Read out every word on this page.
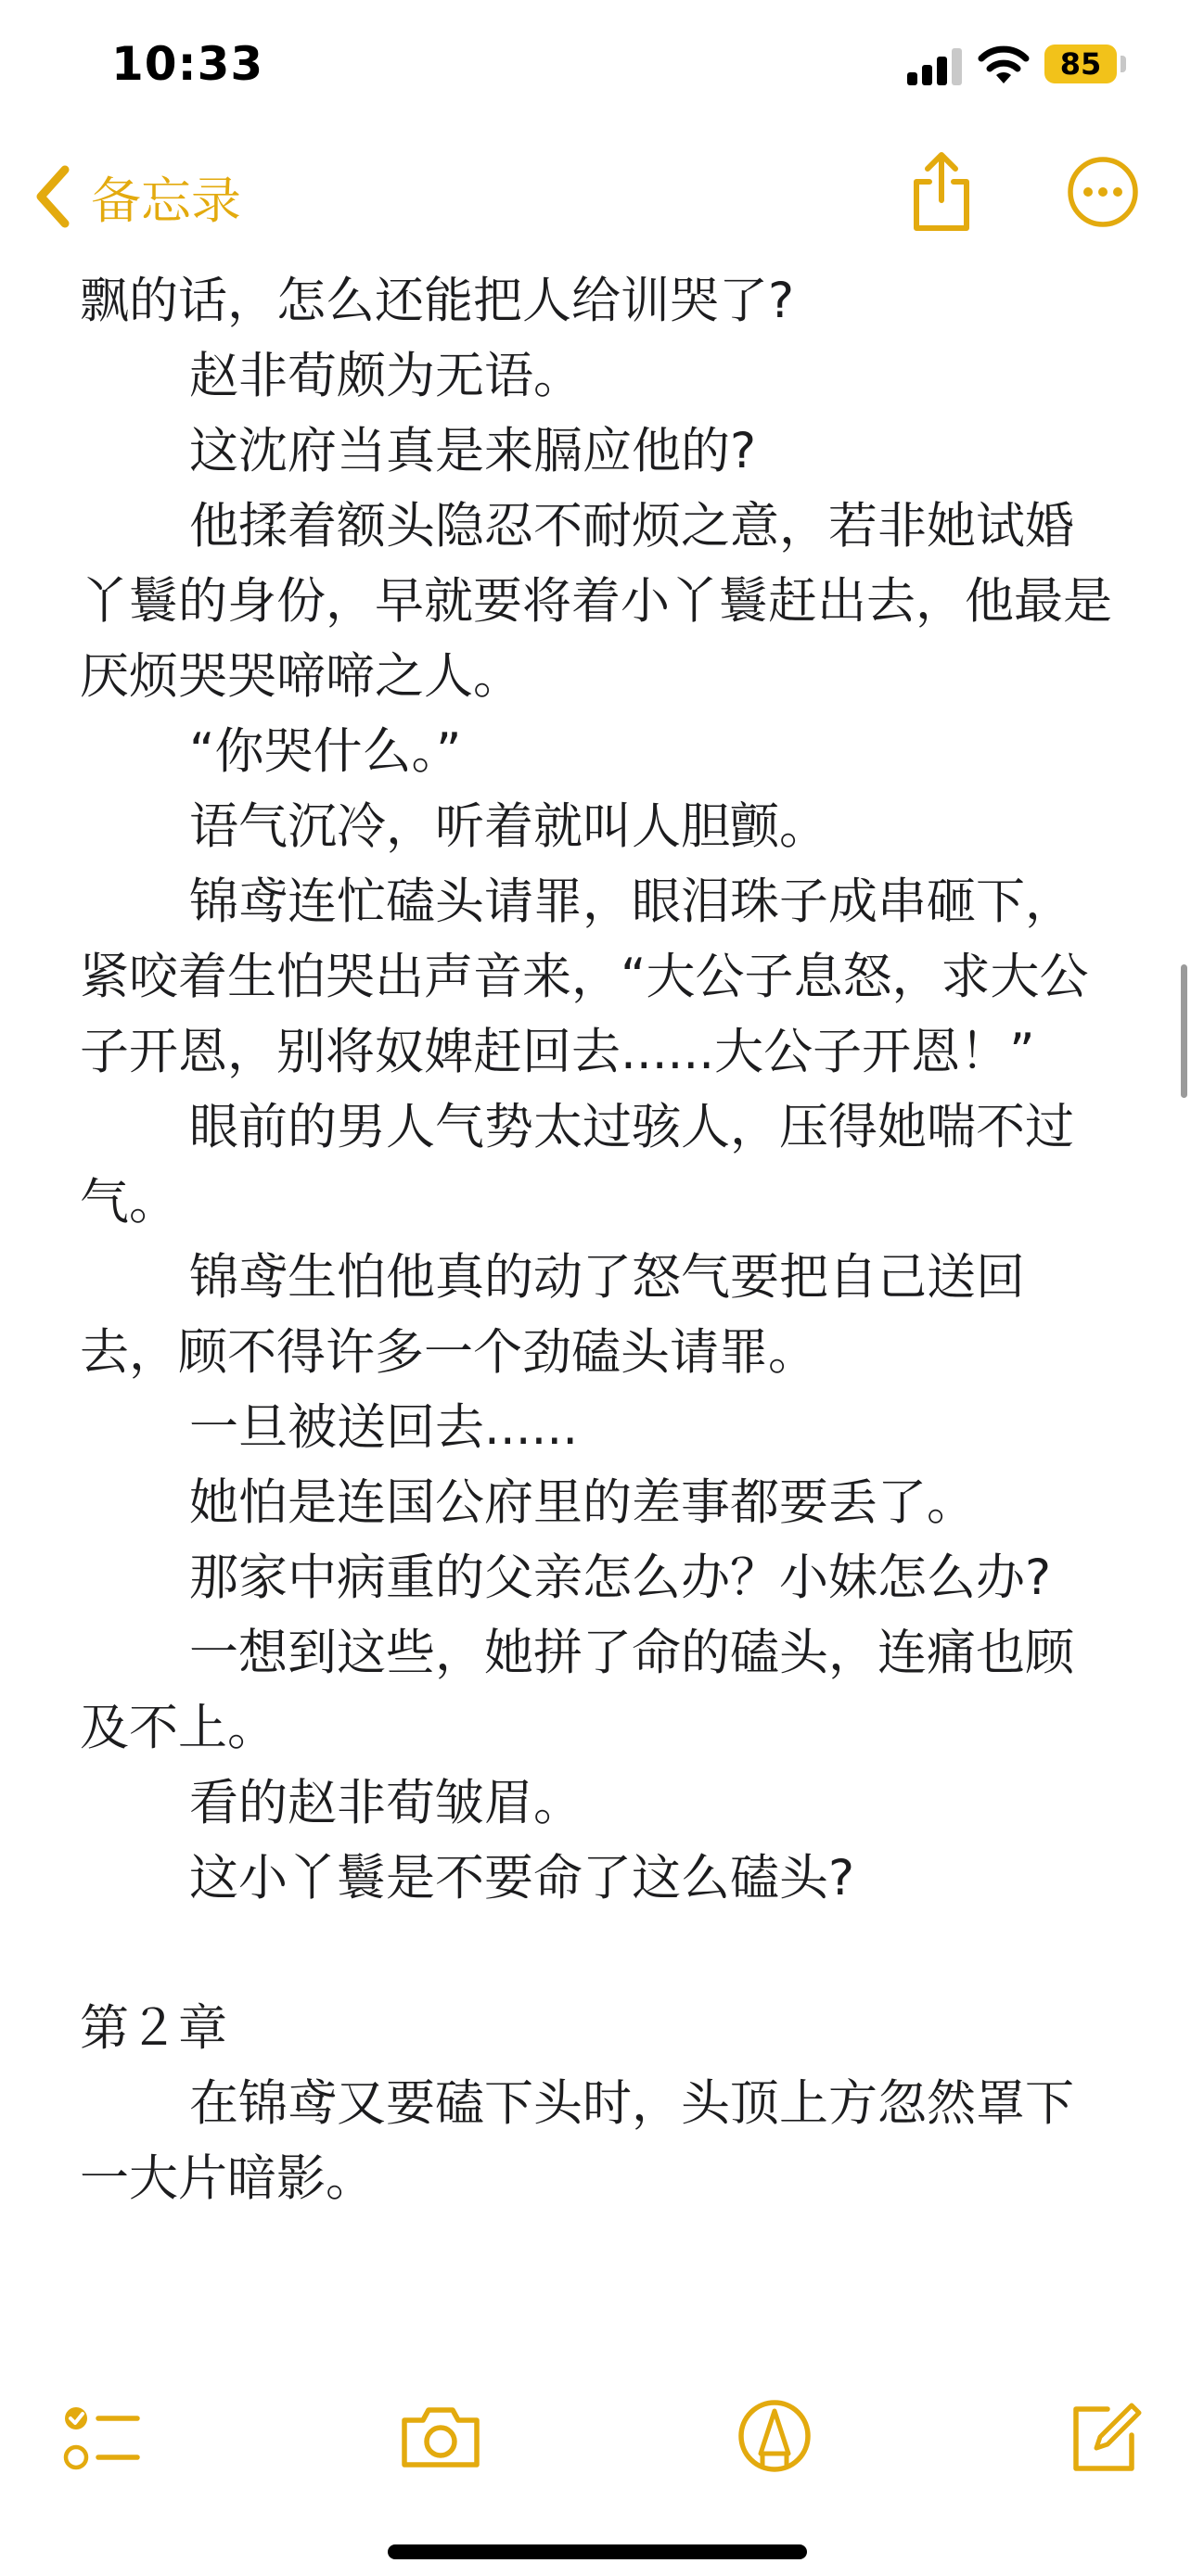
10:33	85
备忘录

飘的话，怎么还能把人给训哭了?

赵非荀颇为无语。

这沈府当真是来膈应他的?

他揉着额头隐忍不耐烦之意，若非她试婚丫鬟的身份，早就要将着小丫鬟赶出去，他最是厌烦哭哭啼啼之人。

“你哭什么。”

语气沉冷，听着就叫人胆颤。

锦鸢连忙磕头请罪，眼泪珠子成串砸下，紧咬着生怕哭出声音来，“大公子息怒，求大公子开恩，别将奴婢赶回去......大公子开恩！”

眼前的男人气势太过骇人，压得她喘不过气。

锦鸢生怕他真的动了怒气要把自己送回去，顾不得许多一个劲磕头请罪。

一旦被送回去......

她怕是连国公府里的差事都要丢了。

那家中病重的父亲怎么办？小妹怎么办?

一想到这些，她拼了命的磕头，连痛也顾及不上。

看的赵非荀皱眉。

这小丫鬟是不要命了这么磕头?

第２章

在锦鸢又要磕下头时，头顶上方忽然罩下一大片暗影。
